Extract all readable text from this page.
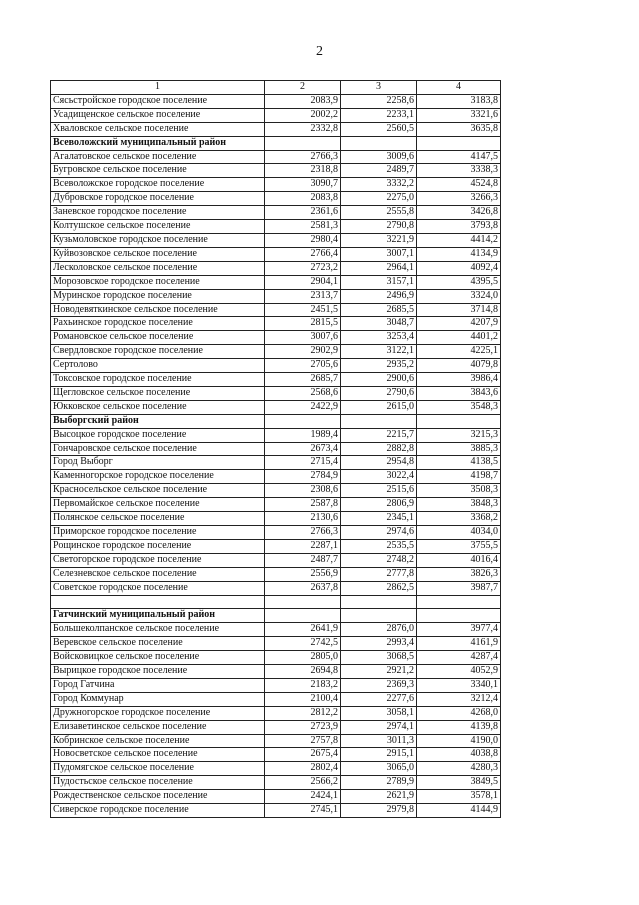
2
1	2	3	4
Сясьстройское городское поселение	2083,9	2258,6	3183,8
Усадищенское сельское поселение	2002,2	2233,1	3321,6
Хваловское сельское поселение	2332,8	2560,5	3635,8
Всеволожский муниципальный район			
Агалатовское сельское поселение	2766,3	3009,6	4147,5
Бугровское сельское поселение	2318,8	2489,7	3338,3
Всеволожское городское поселение	3090,7	3332,2	4524,8
Дубровское городское поселение	2083,8	2275,0	3266,3
Заневское городское поселение	2361,6	2555,8	3426,8
Колтушское сельское поселение	2581,3	2790,8	3793,8
Кузьмоловское городское поселение	2980,4	3221,9	4414,2
Куйвозовское сельское поселение	2766,4	3007,1	4134,9
Лесколовское сельское поселение	2723,2	2964,1	4092,4
Морозовское городское поселение	2904,1	3157,1	4395,5
Муринское городское поселение	2313,7	2496,9	3324,0
Новодевяткинское сельское поселение	2451,5	2685,5	3714,8
Рахьинское городское поселение	2815,5	3048,7	4207,9
Романовское сельское поселение	3007,6	3253,4	4401,2
Свердловское городское поселение	2902,9	3122,1	4225,1
Сертолово	2705,6	2935,2	4079,8
Токсовское городское поселение	2685,7	2900,6	3986,4
Щегловское сельское поселение	2568,6	2790,6	3843,6
Юкковское сельское поселение	2422,9	2615,0	3548,3
Выборгский район			
Высоцкое городское поселение	1989,4	2215,7	3215,3
Гончаровское сельское поселение	2673,4	2882,8	3885,3
Город Выборг	2715,4	2954,8	4138,5
Каменногорское городское поселение	2784,9	3022,4	4198,7
Красносельское сельское поселение	2308,6	2515,6	3508,3
Первомайское сельское поселение	2587,8	2806,9	3848,3
Полянское сельское поселение	2130,6	2345,1	3368,2
Приморское городское поселение	2766,3	2974,6	4034,0
Рощинское городское поселение	2287,1	2535,5	3755,5
Светогорское городское поселение	2487,7	2748,2	4016,4
Селезневское сельское поселение	2556,9	2777,8	3826,3
Советское городское поселение	2637,8	2862,5	3987,7

Гатчинский муниципальный район			
Большеколпанское сельское поселение	2641,9	2876,0	3977,4
Веревское сельское поселение	2742,5	2993,4	4161,9
Войсковицкое сельское поселение	2805,0	3068,5	4287,4
Вырицкое городское поселение	2694,8	2921,2	4052,9
Город Гатчина	2183,2	2369,3	3340,1
Город Коммунар	2100,4	2277,6	3212,4
Дружногорское городское поселение	2812,2	3058,1	4268,0
Елизаветинское сельское поселение	2723,9	2974,1	4139,8
Кобринское сельское поселение	2757,8	3011,3	4190,0
Новосветское сельское поселение	2675,4	2915,1	4038,8
Пудомягское сельское поселение	2802,4	3065,0	4280,3
Пудостьское сельское поселение	2566,2	2789,9	3849,5
Рождественское сельское поселение	2424,1	2621,9	3578,1
Сиверское городское поселение	2745,1	2979,8	4144,9
